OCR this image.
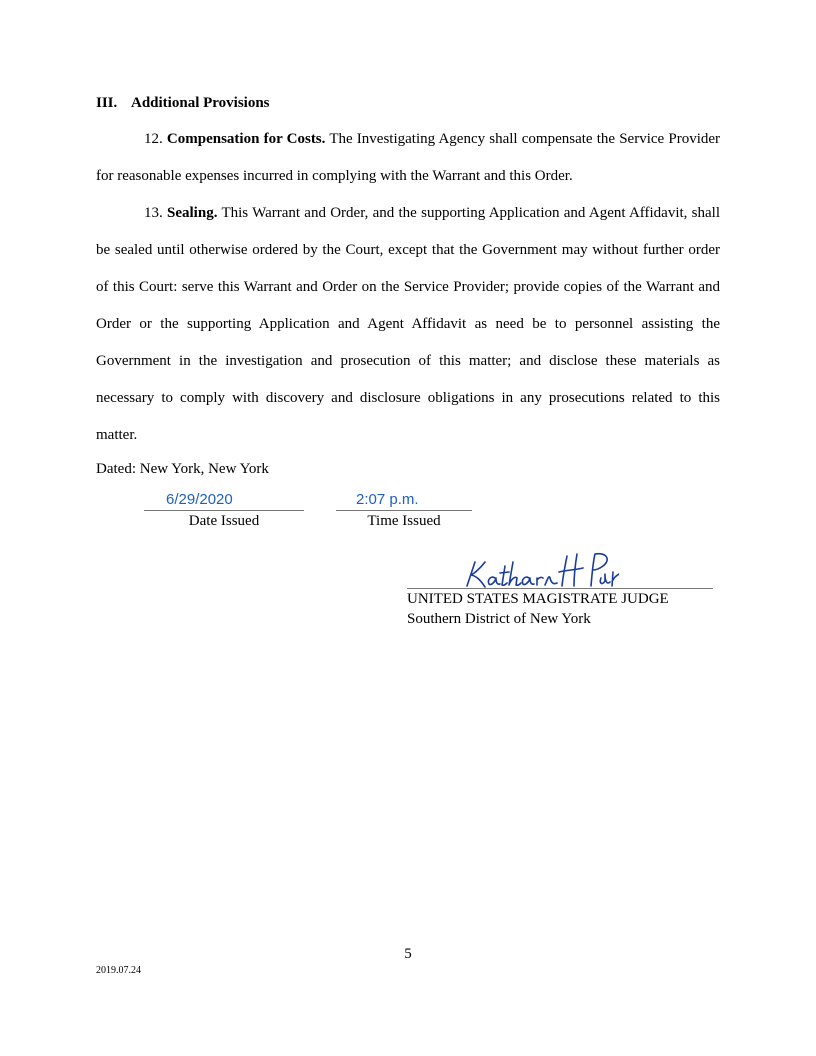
III. Additional Provisions

12. Compensation for Costs. The Investigating Agency shall compensate the Service Provider for reasonable expenses incurred in complying with the Warrant and this Order.

13. Sealing. This Warrant and Order, and the supporting Application and Agent Affidavit, shall be sealed until otherwise ordered by the Court, except that the Government may without further order of this Court: serve this Warrant and Order on the Service Provider; provide copies of the Warrant and Order or the supporting Application and Agent Affidavit as need be to personnel assisting the Government in the investigation and prosecution of this matter; and disclose these materials as necessary to comply with discovery and disclosure obligations in any prosecutions related to this matter.

Dated: New York, New York
6/29/2020
Date Issued
2:07 p.m.
Time Issued
UNITED STATES MAGISTRATE JUDGE
Southern District of New York
5
2019.07.24
